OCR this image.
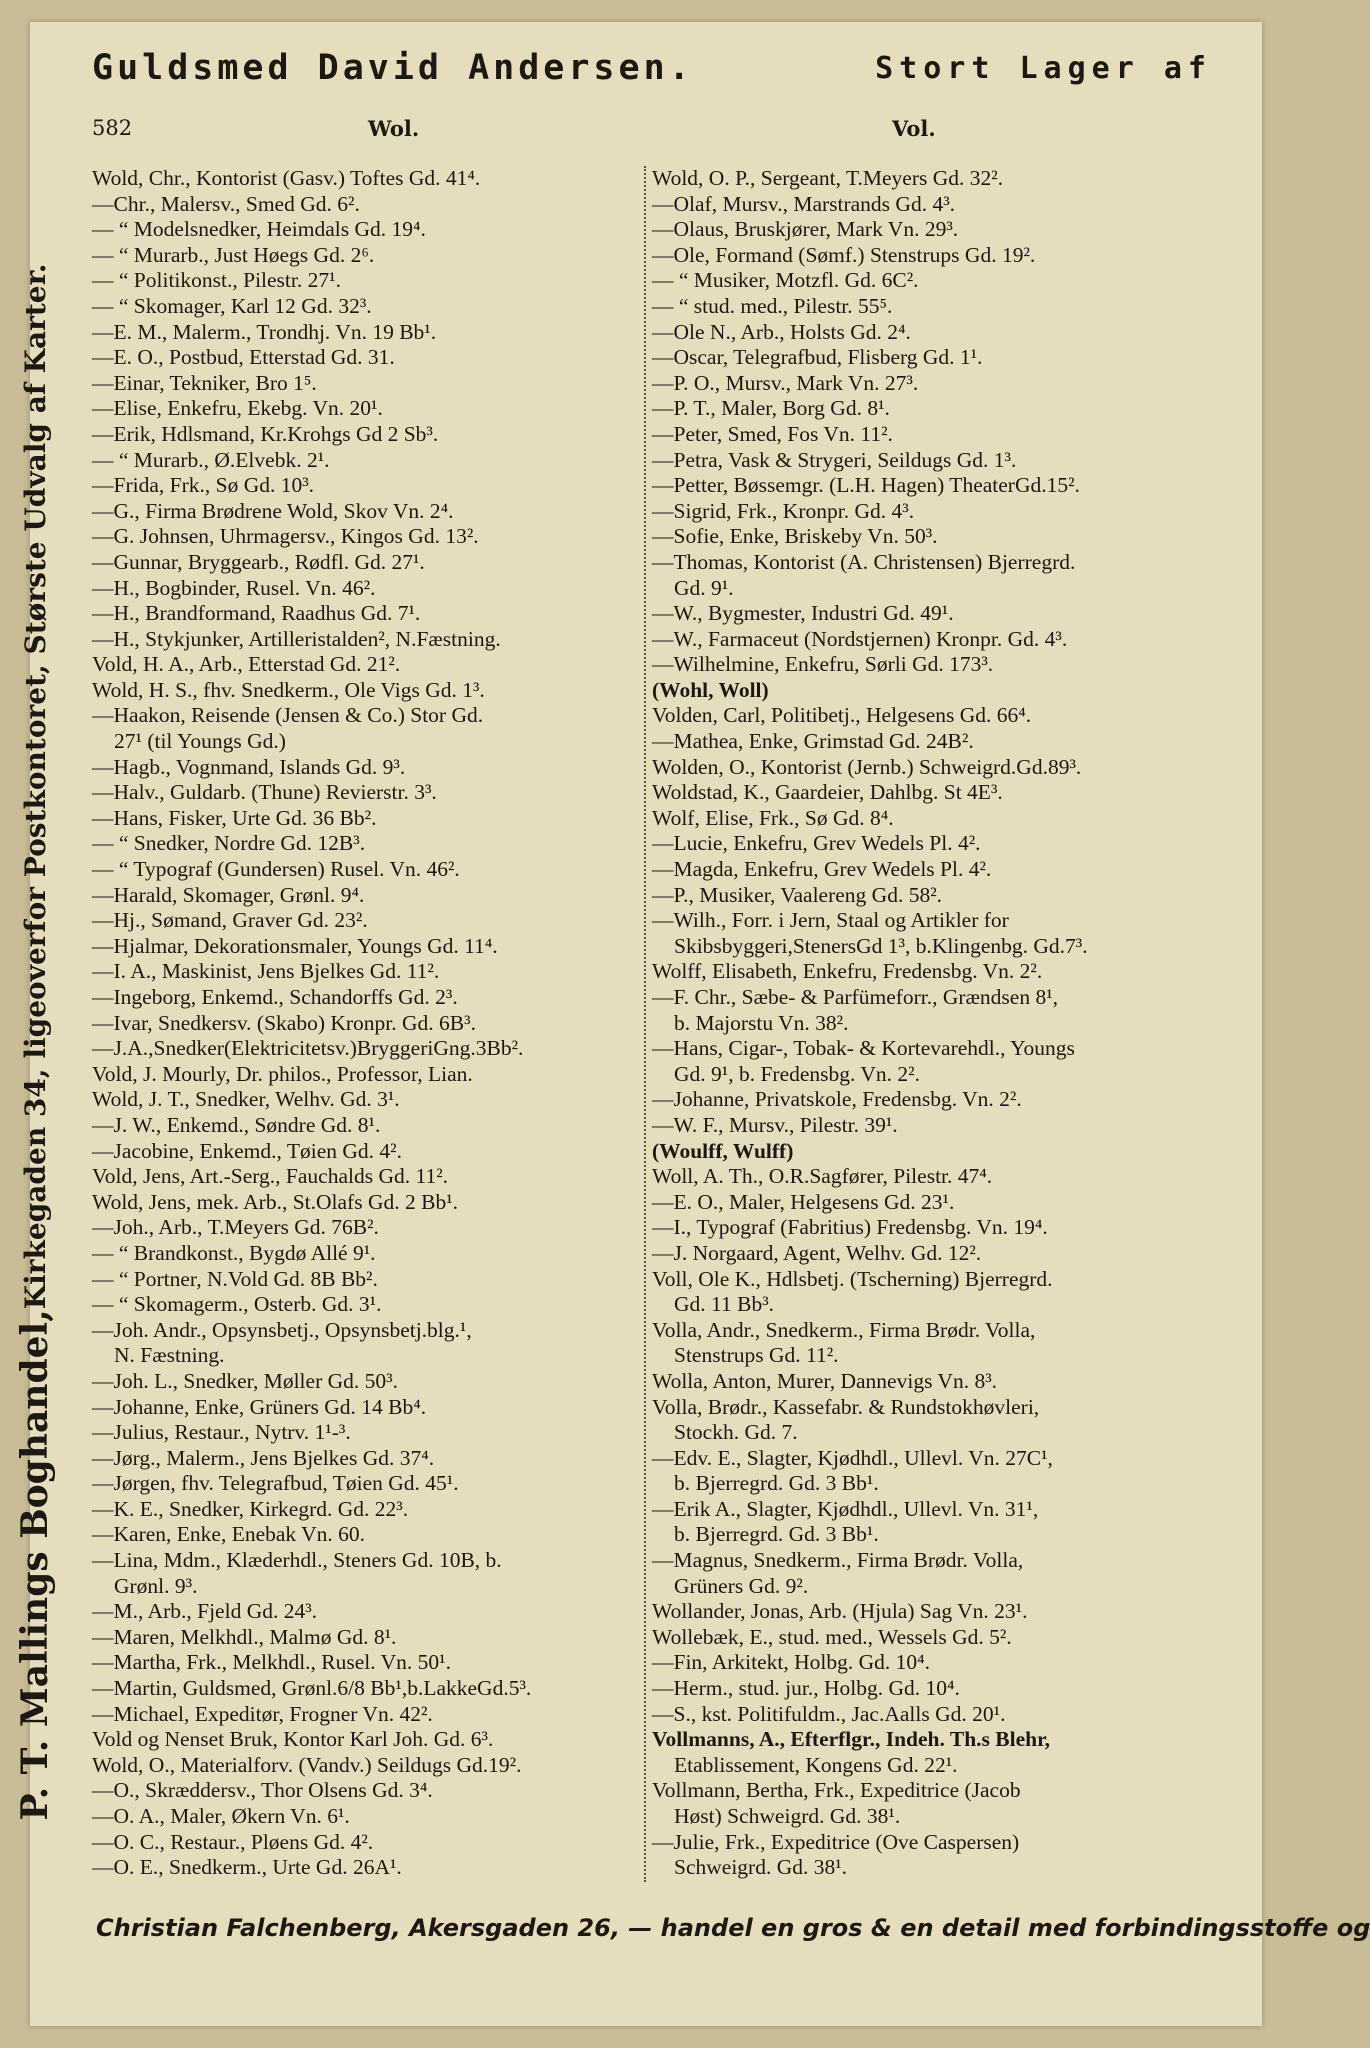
Guldsmed David Andersen.	Stort Lager af
582	Wol.	Vol.
P. T. Mallings Boghandel,
Kirkegaden 34, ligeoverfor Postkontoret, Største Udvalg af Karter.
Wold, Chr., Kontorist (Gasv.) Toftes Gd. 41⁴.
—Chr., Malersv., Smed Gd. 6².
— “ Modelsnedker, Heimdals Gd. 19⁴.
— “ Murarb., Just Høegs Gd. 2⁶.
— “ Politikonst., Pilestr. 27¹.
— “ Skomager, Karl 12 Gd. 32³.
—E. M., Malerm., Trondhj. Vn. 19 Bb¹.
—E. O., Postbud, Etterstad Gd. 31.
—Einar, Tekniker, Bro 1⁵.
—Elise, Enkefru, Ekebg. Vn. 20¹.
—Erik, Hdlsmand, Kr.Krohgs Gd 2 Sb³.
— “ Murarb., Ø.Elvebk. 2¹.
—Frida, Frk., Sø Gd. 10³.
—G., Firma Brødrene Wold, Skov Vn. 2⁴.
—G. Johnsen, Uhrmagersv., Kingos Gd. 13².
—Gunnar, Bryggearb., Rødfl. Gd. 27¹.
—H., Bogbinder, Rusel. Vn. 46².
—H., Brandformand, Raadhus Gd. 7¹.
—H., Stykjunker, Artilleristalden², N.Fæstning.
Vold, H. A., Arb., Etterstad Gd. 21².
Wold, H. S., fhv. Snedkerm., Ole Vigs Gd. 1³.
—Haakon, Reisende (Jensen & Co.) Stor Gd.
27¹ (til Youngs Gd.)
—Hagb., Vognmand, Islands Gd. 9³.
—Halv., Guldarb. (Thune) Revierstr. 3³.
—Hans, Fisker, Urte Gd. 36 Bb².
— “ Snedker, Nordre Gd. 12B³.
— “ Typograf (Gundersen) Rusel. Vn. 46².
—Harald, Skomager, Grønl. 9⁴.
—Hj., Sømand, Graver Gd. 23².
—Hjalmar, Dekorationsmaler, Youngs Gd. 11⁴.
—I. A., Maskinist, Jens Bjelkes Gd. 11².
—Ingeborg, Enkemd., Schandorffs Gd. 2³.
—Ivar, Snedkersv. (Skabo) Kronpr. Gd. 6B³.
—J.A.,Snedker(Elektricitetsv.)BryggeriGng.3Bb².
Vold, J. Mourly, Dr. philos., Professor, Lian.
Wold, J. T., Snedker, Welhv. Gd. 3¹.
—J. W., Enkemd., Søndre Gd. 8¹.
—Jacobine, Enkemd., Tøien Gd. 4².
Vold, Jens, Art.-Serg., Fauchalds Gd. 11².
Wold, Jens, mek. Arb., St.Olafs Gd. 2 Bb¹.
—Joh., Arb., T.Meyers Gd. 76B².
— “ Brandkonst., Bygdø Allé 9¹.
— “ Portner, N.Vold Gd. 8B Bb².
— “ Skomagerm., Osterb. Gd. 3¹.
—Joh. Andr., Opsynsbetj., Opsynsbetj.blg.¹,
N. Fæstning.
—Joh. L., Snedker, Møller Gd. 50³.
—Johanne, Enke, Grüners Gd. 14 Bb⁴.
—Julius, Restaur., Nytrv. 1¹-³.
—Jørg., Malerm., Jens Bjelkes Gd. 37⁴.
—Jørgen, fhv. Telegrafbud, Tøien Gd. 45¹.
—K. E., Snedker, Kirkegrd. Gd. 22³.
—Karen, Enke, Enebak Vn. 60.
—Lina, Mdm., Klæderhdl., Steners Gd. 10B, b.
Grønl. 9³.
—M., Arb., Fjeld Gd. 24³.
—Maren, Melkhdl., Malmø Gd. 8¹.
—Martha, Frk., Melkhdl., Rusel. Vn. 50¹.
—Martin, Guldsmed, Grønl.6/8 Bb¹,b.LakkeGd.5³.
—Michael, Expeditør, Frogner Vn. 42².
Vold og Nenset Bruk, Kontor Karl Joh. Gd. 6³.
Wold, O., Materialforv. (Vandv.) Seildugs Gd.19².
—O., Skræddersv., Thor Olsens Gd. 3⁴.
—O. A., Maler, Økern Vn. 6¹.
—O. C., Restaur., Pløens Gd. 4².
—O. E., Snedkerm., Urte Gd. 26A¹.
Wold, O. P., Sergeant, T.Meyers Gd. 32².
—Olaf, Mursv., Marstrands Gd. 4³.
—Olaus, Bruskjører, Mark Vn. 29³.
—Ole, Formand (Sømf.) Stenstrups Gd. 19².
— “ Musiker, Motzfl. Gd. 6C².
— “ stud. med., Pilestr. 55⁵.
—Ole N., Arb., Holsts Gd. 2⁴.
—Oscar, Telegrafbud, Flisberg Gd. 1¹.
—P. O., Mursv., Mark Vn. 27³.
—P. T., Maler, Borg Gd. 8¹.
—Peter, Smed, Fos Vn. 11².
—Petra, Vask & Strygeri, Seildugs Gd. 1³.
—Petter, Bøssemgr. (L.H. Hagen) TheaterGd.15².
—Sigrid, Frk., Kronpr. Gd. 4³.
—Sofie, Enke, Briskeby Vn. 50³.
—Thomas, Kontorist (A. Christensen) Bjerregrd.
Gd. 9¹.
—W., Bygmester, Industri Gd. 49¹.
—W., Farmaceut (Nordstjernen) Kronpr. Gd. 4³.
—Wilhelmine, Enkefru, Sørli Gd. 173³.
(Wohl, Woll)
Volden, Carl, Politibetj., Helgesens Gd. 66⁴.
—Mathea, Enke, Grimstad Gd. 24B².
Wolden, O., Kontorist (Jernb.) Schweigrd.Gd.89³.
Woldstad, K., Gaardeier, Dahlbg. St 4E³.
Wolf, Elise, Frk., Sø Gd. 8⁴.
—Lucie, Enkefru, Grev Wedels Pl. 4².
—Magda, Enkefru, Grev Wedels Pl. 4².
—P., Musiker, Vaalereng Gd. 58².
—Wilh., Forr. i Jern, Staal og Artikler for
Skibsbyggeri,StenersGd 1³, b.Klingenbg. Gd.7³.
Wolff, Elisabeth, Enkefru, Fredensbg. Vn. 2².
—F. Chr., Sæbe- & Parfümeforr., Grændsen 8¹,
b. Majorstu Vn. 38².
—Hans, Cigar-, Tobak- & Kortevarehdl., Youngs
Gd. 9¹, b. Fredensbg. Vn. 2².
—Johanne, Privatskole, Fredensbg. Vn. 2².
—W. F., Mursv., Pilestr. 39¹.
(Woulff, Wulff)
Woll, A. Th., O.R.Sagfører, Pilestr. 47⁴.
—E. O., Maler, Helgesens Gd. 23¹.
—I., Typograf (Fabritius) Fredensbg. Vn. 19⁴.
—J. Norgaard, Agent, Welhv. Gd. 12².
Voll, Ole K., Hdlsbetj. (Tscherning) Bjerregrd.
Gd. 11 Bb³.
Volla, Andr., Snedkerm., Firma Brødr. Volla,
Stenstrups Gd. 11².
Wolla, Anton, Murer, Dannevigs Vn. 8³.
Volla, Brødr., Kassefabr. & Rundstokhøvleri,
Stockh. Gd. 7.
—Edv. E., Slagter, Kjødhdl., Ullevl. Vn. 27C¹,
b. Bjerregrd. Gd. 3 Bb¹.
—Erik A., Slagter, Kjødhdl., Ullevl. Vn. 31¹,
b. Bjerregrd. Gd. 3 Bb¹.
—Magnus, Snedkerm., Firma Brødr. Volla,
Grüners Gd. 9².
Wollander, Jonas, Arb. (Hjula) Sag Vn. 23¹.
Wollebæk, E., stud. med., Wessels Gd. 5².
—Fin, Arkitekt, Holbg. Gd. 10⁴.
—Herm., stud. jur., Holbg. Gd. 10⁴.
—S., kst. Politifuldm., Jac.Aalls Gd. 20¹.
Vollmanns, A., Efterflgr., Indeh. Th.s Blehr,
Etablissement, Kongens Gd. 22¹.
Vollmann, Bertha, Frk., Expeditrice (Jacob
Høst) Schweigrd. Gd. 38¹.
—Julie, Frk., Expeditrice (Ove Caspersen)
Schweigrd. Gd. 38¹.
Christian Falchenberg, Akersgaden 26, — handel en gros & en detail med forbindingsstoffe og
